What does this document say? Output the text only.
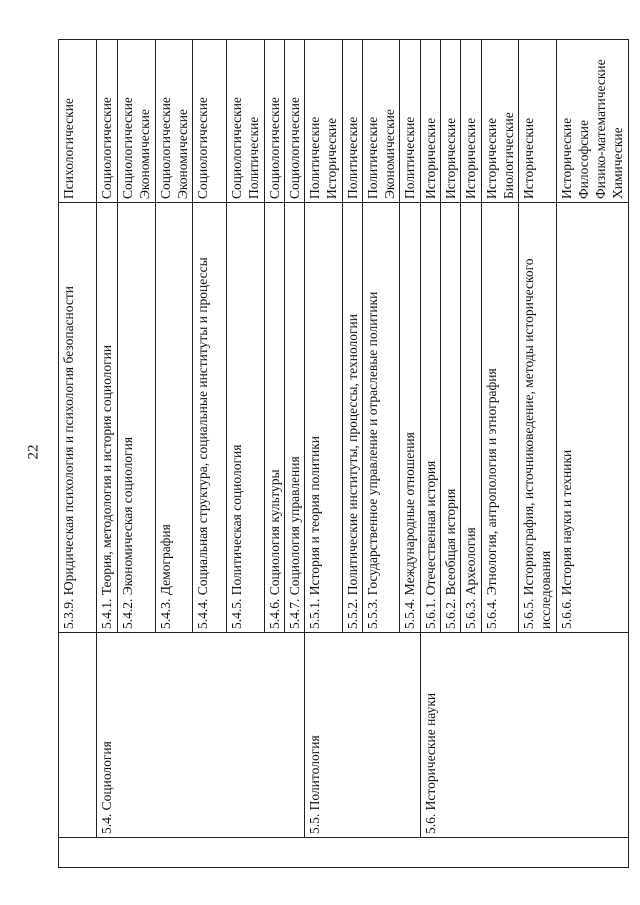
22
		5.3.9. Юридическая психология и психология безопасности	Психологические

	5.4. Социология	5.4.1. Теория, методология и история социологии	Социологические

		5.4.2. Экономическая социология	Социологические Экономические

		5.4.3. Демография	Социологические Экономические

		5.4.4. Социальная структура, социальные институты и процессы	Социологические

		5.4.5. Политическая социология	Социологические Политические

		5.4.6. Социология культуры	Социологические

		5.4.7. Социология управления	Социологические

	5.5. Политология	5.5.1. История и теория политики	Политические Исторические

		5.5.2. Политические институты, процессы, технологии	Политические

		5.5.3. Государственное управление и отраслевые политики	Политические Экономические

		5.5.4. Международные отношения	Политические

	5.6. Исторические науки	5.6.1. Отечественная история	Исторические

		5.6.2. Всеобщая история	Исторические

		5.6.3. Археология	Исторические

		5.6.4. Этнология, антропология и этнография	Исторические Биологические

		5.6.5. Историография, источниковедение, методы исторического исследования	Исторические

		5.6.6. История науки и техники	Исторические Философские Физико-математические Химические
